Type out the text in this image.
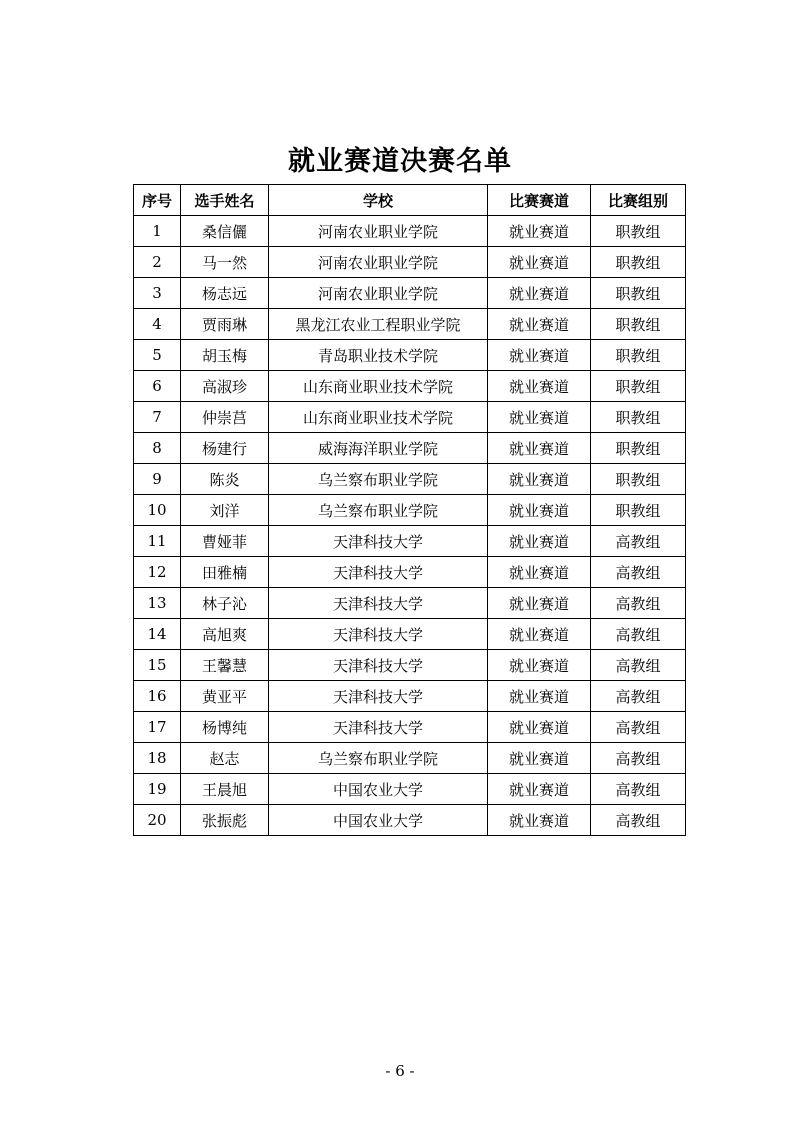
就业赛道决赛名单
序号	选手姓名	学校	比赛赛道	比赛组别
1	桑信儷	河南农业职业学院	就业赛道	职教组
2	马一然	河南农业职业学院	就业赛道	职教组
3	杨志远	河南农业职业学院	就业赛道	职教组
4	贾雨琳	黑龙江农业工程职业学院	就业赛道	职教组
5	胡玉梅	青岛职业技术学院	就业赛道	职教组
6	高淑珍	山东商业职业技术学院	就业赛道	职教组
7	仲崇莒	山东商业职业技术学院	就业赛道	职教组
8	杨建行	威海海洋职业学院	就业赛道	职教组
9	陈炎	乌兰察布职业学院	就业赛道	职教组
10	刘洋	乌兰察布职业学院	就业赛道	职教组
11	曹娅菲	天津科技大学	就业赛道	高教组
12	田雅楠	天津科技大学	就业赛道	高教组
13	林子沁	天津科技大学	就业赛道	高教组
14	高旭爽	天津科技大学	就业赛道	高教组
15	王馨慧	天津科技大学	就业赛道	高教组
16	黄亚平	天津科技大学	就业赛道	高教组
17	杨博纯	天津科技大学	就业赛道	高教组
18	赵志	乌兰察布职业学院	就业赛道	高教组
19	王晨旭	中国农业大学	就业赛道	高教组
20	张振彪	中国农业大学	就业赛道	高教组
- 6 -
